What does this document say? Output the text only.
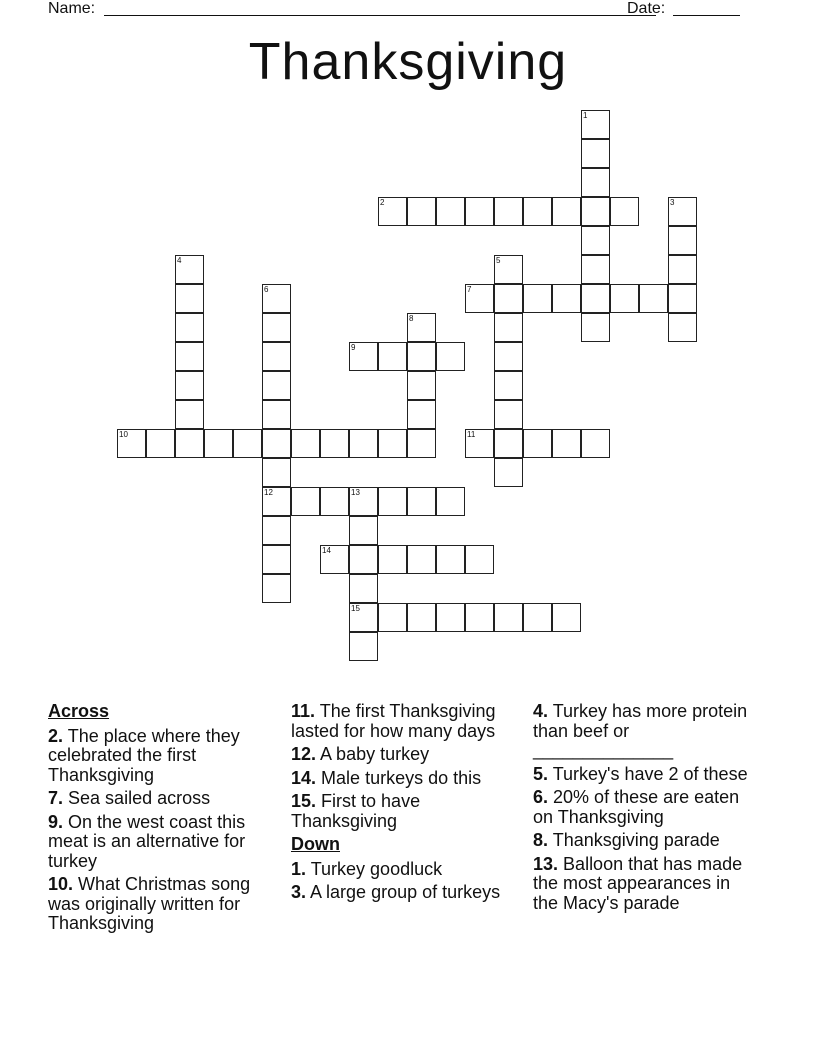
Name:	Date:
Thanksgiving
1
2	3
4	5
6
12
7
8
9
10	11
13
15
14
Across

2. The place where they celebrated the first Thanksgiving

7. Sea sailed across

9. On the west coast this meat is an alternative for turkey

10. What Christmas song was originally written for Thanksgiving

11. The first Thanksgiving lasted for how many days

12. A baby turkey

14. Male turkeys do this

15. First to have Thanksgiving

Down

1. Turkey goodluck

3. A large group of turkeys

4. Turkey has more protein than beef or ______________

5. Turkey's have 2 of these

6. 20% of these are eaten on Thanksgiving

8. Thanksgiving parade

13. Balloon that has made the most appearances in the Macy's parade
